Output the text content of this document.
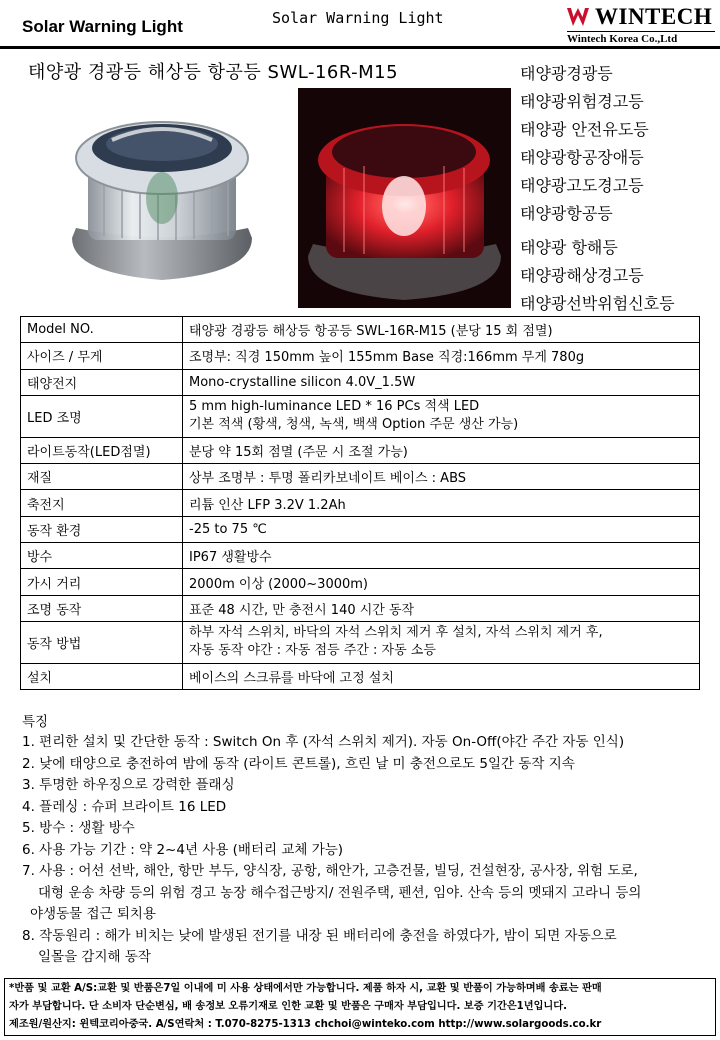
Solar Warning Light	Solar Warning Light	WINTECH
Wintech Korea Co.,Ltd
태양광 경광등 해상등 항공등 SWL-16R-M15	태양광경광등
태양광위험경고등
태양광 안전유도등
태양광항공장애등
태양광고도경고등
태양광항공등
태양광 항해등
태양광해상경고등
태양광선박위험신호등
Model NO.	태양광 경광등 해상등 항공등 SWL-16R-M15 (분당 15 회 점멸)
사이즈 / 무게	조명부: 직경 150mm 높이 155mm Base 직경:166mm 무게 780g
태양전지	Mono-crystalline silicon 4.0V_1.5W
LED 조명	5 mm high-luminance LED * 16 PCs 적색 LED
기본 적색 (황색, 청색, 녹색, 백색 Option 주문 생산 가능)

라이트동작(LED점멸)	분당 약 15회 점멸 (주문 시 조절 가능)
재질	상부 조명부 : 투명 폴리카보네이트 베이스 : ABS
축전지	리튬 인산 LFP 3.2V 1.2Ah
동작 환경	-25 to 75 ℃
방수	IP67 생활방수
가시 거리	2000m 이상 (2000~3000m)
조명 동작	표준 48 시간, 만 충전시 140 시간 동작
동작 방법	하부 자석 스위치, 바닥의 자석 스위치 제거 후 설치, 자석 스위치 제거 후,
자동 동작 야간 : 자동 점등 주간 : 자동 소등

설치	베이스의 스크류를 바닥에 고정 설치
특징
1. 편리한 설치 및 간단한 동작 : Switch On 후 (자석 스위치 제거). 자동 On-Off(야간 주간 자동 인식)
2. 낮에 태양으로 충전하여 밤에 동작 (라이트 콘트롤), 흐린 날 미 충전으로도 5일간 동작 지속
3. 투명한 하우징으로 강력한 플래싱
4. 플레싱 : 슈퍼 브라이트 16 LED
5. 방수 : 생활 방수
6. 사용 가능 기간 : 약 2~4년 사용 (배터리 교체 가능)
7. 사용 : 어선 선박, 해안, 항만 부두, 양식장, 공항, 해안가, 고층건물, 빌딩, 건설현장, 공사장, 위험 도로,
대형 운송 차량 등의 위험 경고 농장 해수접근방지/ 전원주택, 펜션, 임야. 산속 등의 멧돼지 고라니 등의
야생동물 접근 퇴치용
8. 작동원리 : 해가 비치는 낮에 발생된 전기를 내장 된 배터리에 충전을 하였다가, 밤이 되면 자동으로
일몰을 감지해 동작
*반품 및 교환 A/S:교환 및 반품은7일 이내에 미 사용 상태에서만 가능합니다. 제품 하자 시, 교환 및 반품이 가능하며배 송료는 판매
자가 부담합니다. 단 소비자 단순변심, 배 송정보 오류기재로 인한 교환 및 반품은 구매자 부담입니다. 보증 기간은1년입니다.
제조원/원산지: 윈텍코리아중국. A/S연락처 : T.070-8275-1313 chchoi@winteko.com http://www.solargoods.co.kr
